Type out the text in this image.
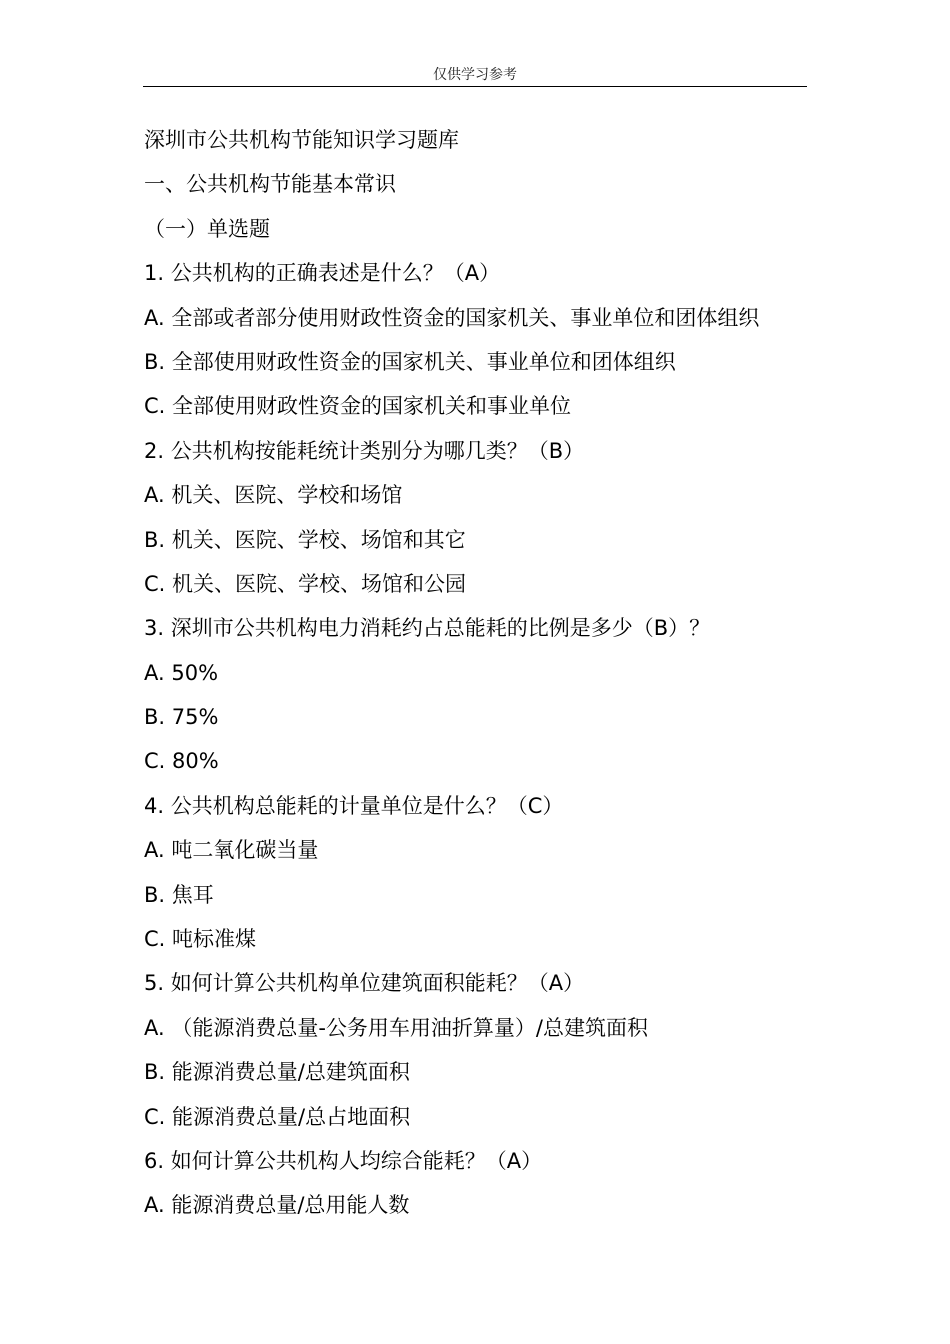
仅供学习参考
深圳市公共机构节能知识学习题库
一、公共机构节能基本常识
（一）单选题
1. 公共机构的正确表述是什么？（A）
A. 全部或者部分使用财政性资金的国家机关、事业单位和团体组织
B. 全部使用财政性资金的国家机关、事业单位和团体组织
C. 全部使用财政性资金的国家机关和事业单位
2. 公共机构按能耗统计类别分为哪几类？（B）
A. 机关、医院、学校和场馆
B. 机关、医院、学校、场馆和其它
C. 机关、医院、学校、场馆和公园
3. 深圳市公共机构电力消耗约占总能耗的比例是多少（B）？
A. 50%
B. 75%
C. 80%
4. 公共机构总能耗的计量单位是什么？（C）
A. 吨二氧化碳当量
B. 焦耳
C. 吨标准煤
5. 如何计算公共机构单位建筑面积能耗？（A）
A. （能源消费总量-公务用车用油折算量）/总建筑面积
B. 能源消费总量/总建筑面积
C. 能源消费总量/总占地面积
6. 如何计算公共机构人均综合能耗？（A）
A. 能源消费总量/总用能人数
